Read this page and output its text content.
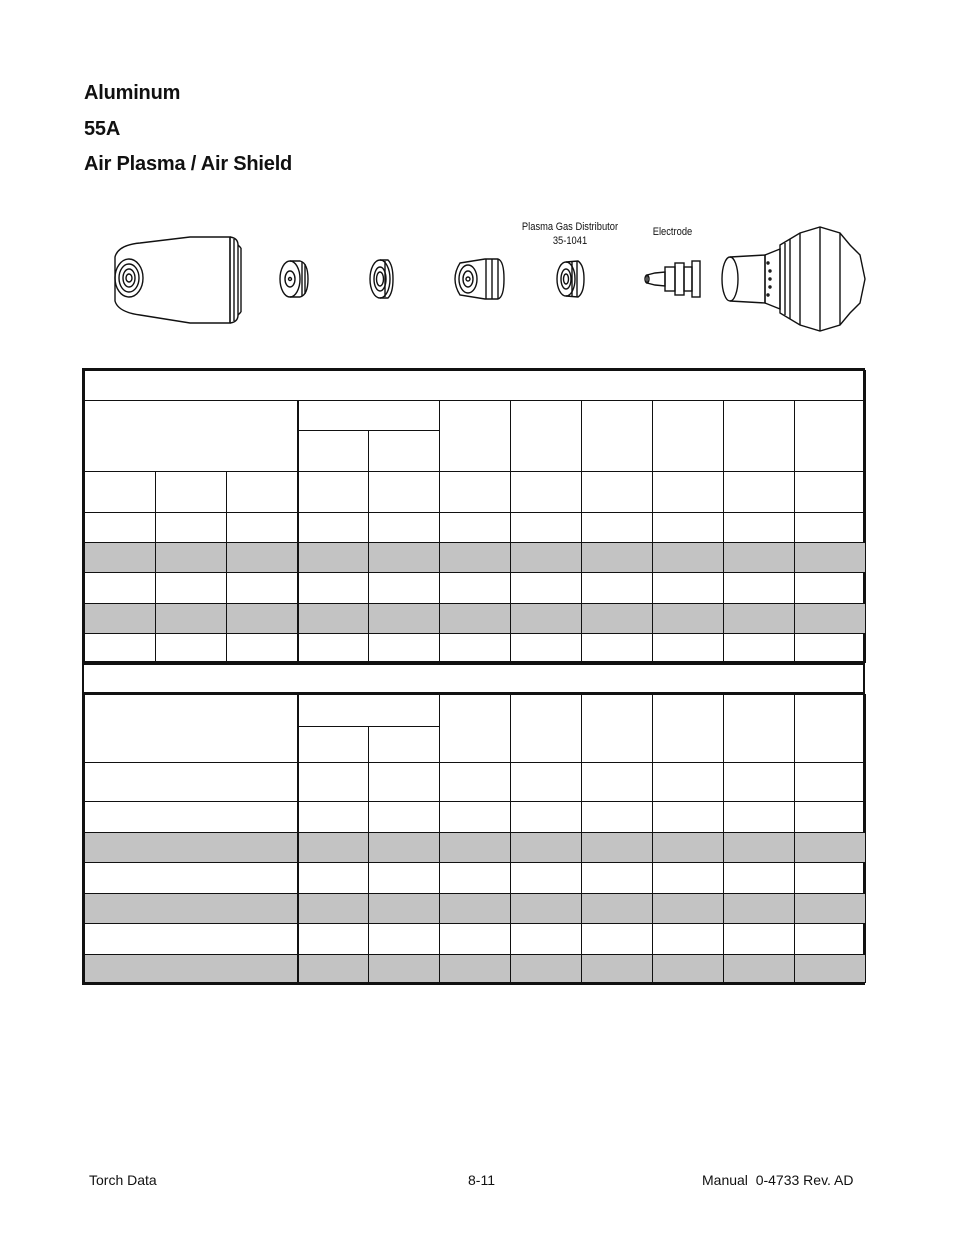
Aluminum
55A
Air Plasma / Air Shield
Plasma Gas Distributor
35-1041
Electrode

Torch Data	8-11	Manual  0-4733 Rev. AD
